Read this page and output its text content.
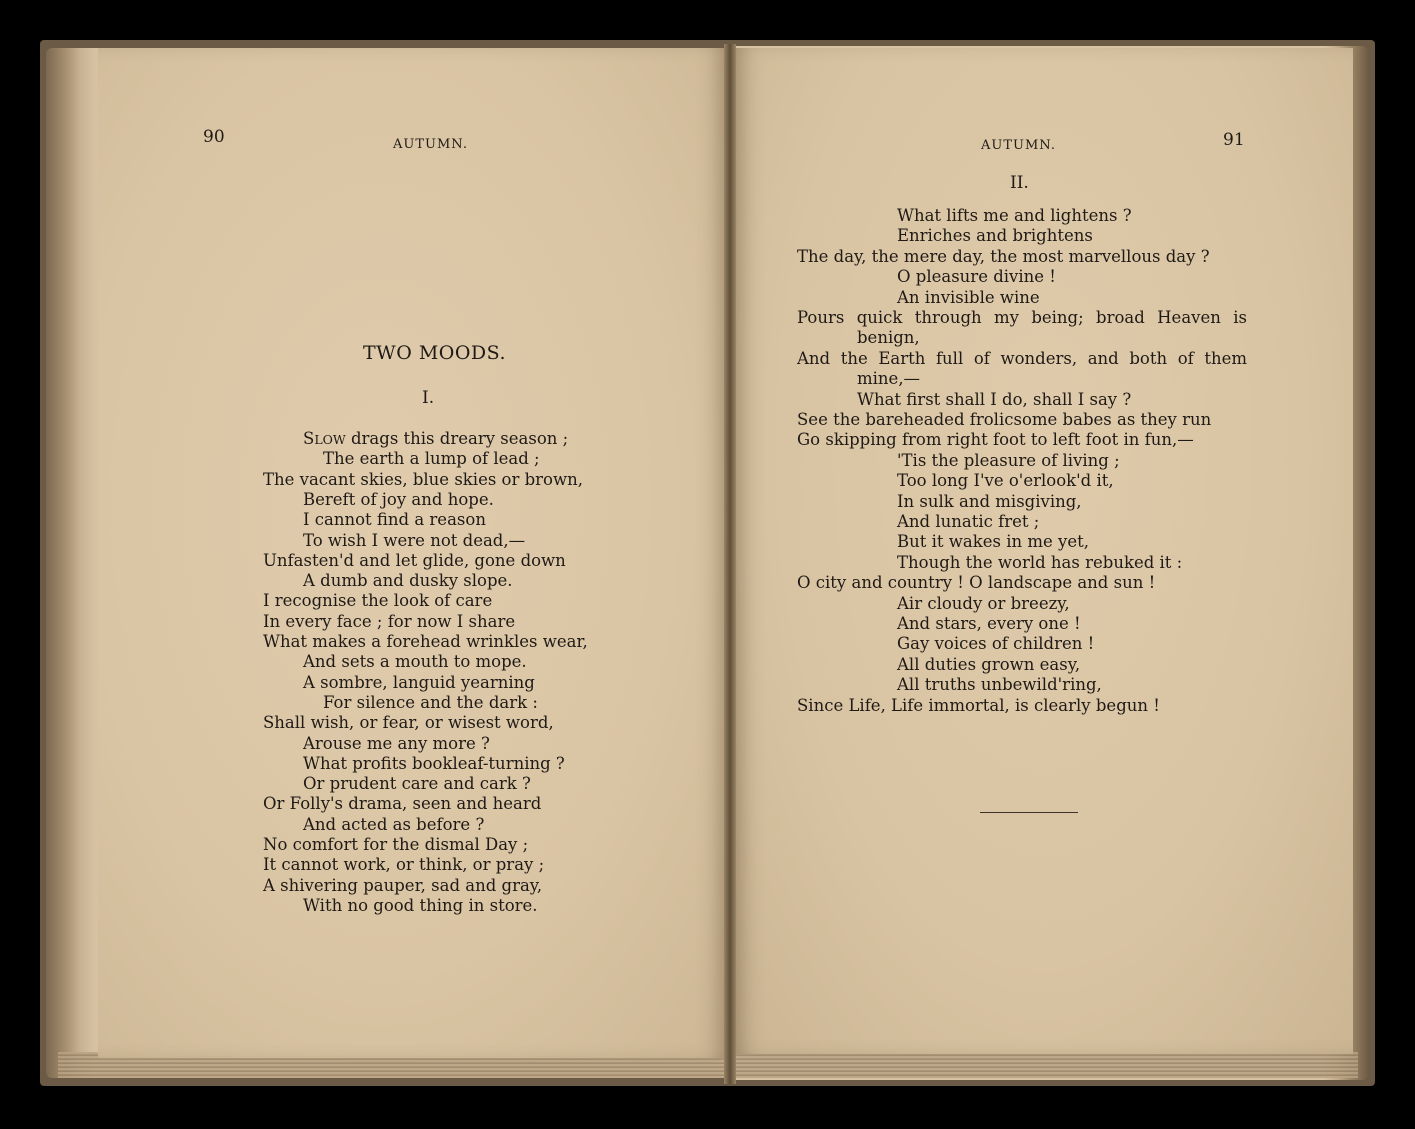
90	AUTUMN.
TWO MOODS.
I.
SLOW drags this dreary season ;
The earth a lump of lead ;
The vacant skies, blue skies or brown,
Bereft of joy and hope.
I cannot find a reason
To wish I were not dead,—
Unfasten'd and let glide, gone down
A dumb and dusky slope.
I recognise the look of care
In every face ; for now I share
What makes a forehead wrinkles wear,
And sets a mouth to mope.
A sombre, languid yearning
For silence and the dark :
Shall wish, or fear, or wisest word,
Arouse me any more ?
What profits bookleaf-turning ?
Or prudent care and cark ?
Or Folly's drama, seen and heard
And acted as before ?
No comfort for the dismal Day ;
It cannot work, or think, or pray ;
A shivering pauper, sad and gray,
With no good thing in store.
AUTUMN.	91
II.
What lifts me and lightens ?
Enriches and brightens
The day, the mere day, the most marvellous day ?
O pleasure divine !
An invisible wine
Pours quick through my being; broad Heaven is
benign,
And the Earth full of wonders, and both of them
mine,—
What first shall I do, shall I say ?
See the bareheaded frolicsome babes as they run
Go skipping from right foot to left foot in fun,—
'Tis the pleasure of living ;
Too long I've o'erlook'd it,
In sulk and misgiving,
And lunatic fret ;
But it wakes in me yet,
Though the world has rebuked it :
O city and country ! O landscape and sun !
Air cloudy or breezy,
And stars, every one !
Gay voices of children !
All duties grown easy,
All truths unbewild'ring,
Since Life, Life immortal, is clearly begun !
